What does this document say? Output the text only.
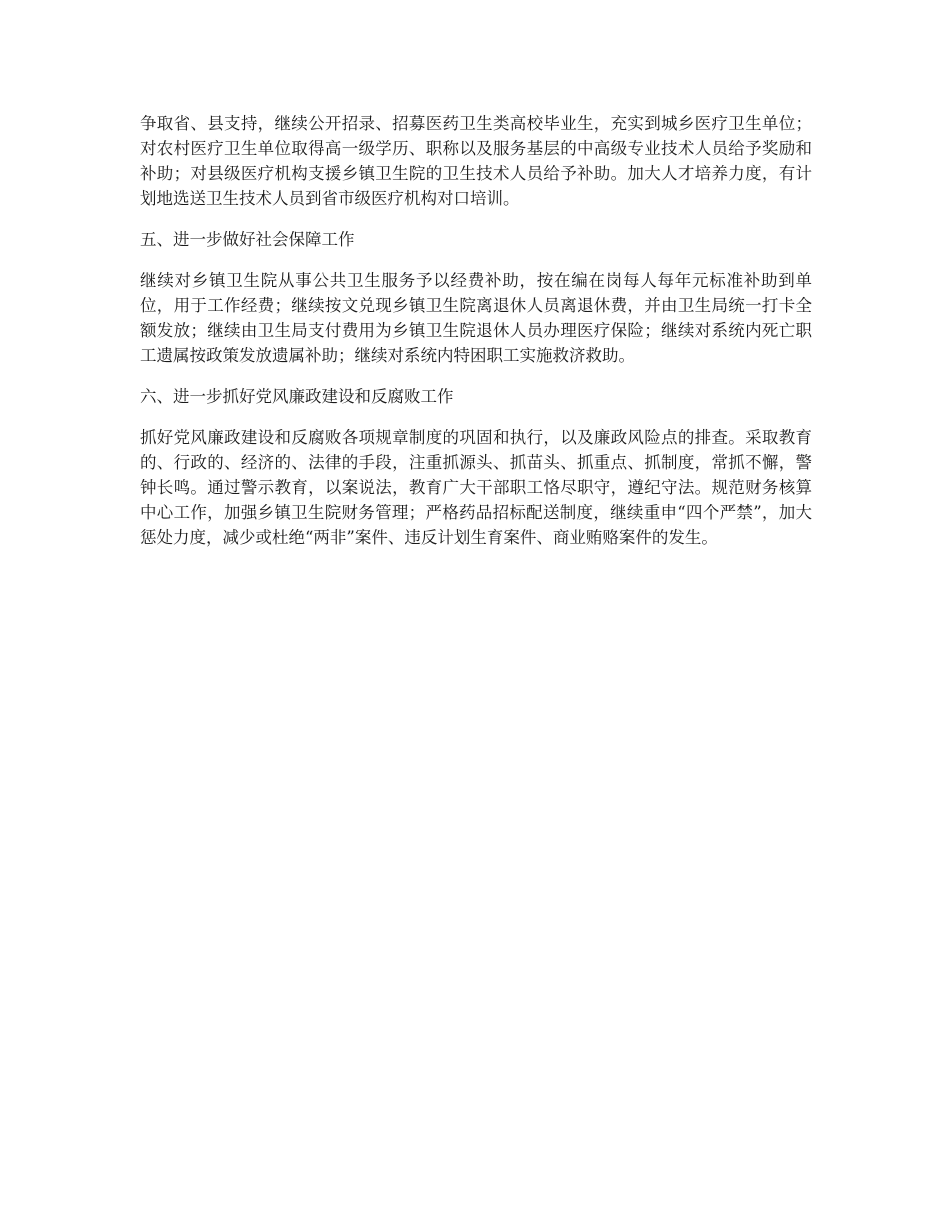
争取省、县支持，继续公开招录、招募医药卫生类高校毕业生，充实到城乡医疗卫生单位；对农村医疗卫生单位取得高一级学历、职称以及服务基层的中高级专业技术人员给予奖励和补助；对县级医疗机构支援乡镇卫生院的卫生技术人员给予补助。加大人才培养力度，有计划地选送卫生技术人员到省市级医疗机构对口培训。

五、进一步做好社会保障工作

继续对乡镇卫生院从事公共卫生服务予以经费补助，按在编在岗每人每年元标准补助到单位，用于工作经费；继续按文兑现乡镇卫生院离退休人员离退休费，并由卫生局统一打卡全额发放；继续由卫生局支付费用为乡镇卫生院退休人员办理医疗保险；继续对系统内死亡职工遗属按政策发放遗属补助；继续对系统内特困职工实施救济救助。

六、进一步抓好党风廉政建设和反腐败工作

抓好党风廉政建设和反腐败各项规章制度的巩固和执行，以及廉政风险点的排查。采取教育的、行政的、经济的、法律的手段，注重抓源头、抓苗头、抓重点、抓制度，常抓不懈，警钟长鸣。通过警示教育，以案说法，教育广大干部职工恪尽职守，遵纪守法。规范财务核算中心工作，加强乡镇卫生院财务管理；严格药品招标配送制度，继续重申“四个严禁”，加大惩处力度，减少或杜绝“两非”案件、违反计划生育案件、商业贿赂案件的发生。
